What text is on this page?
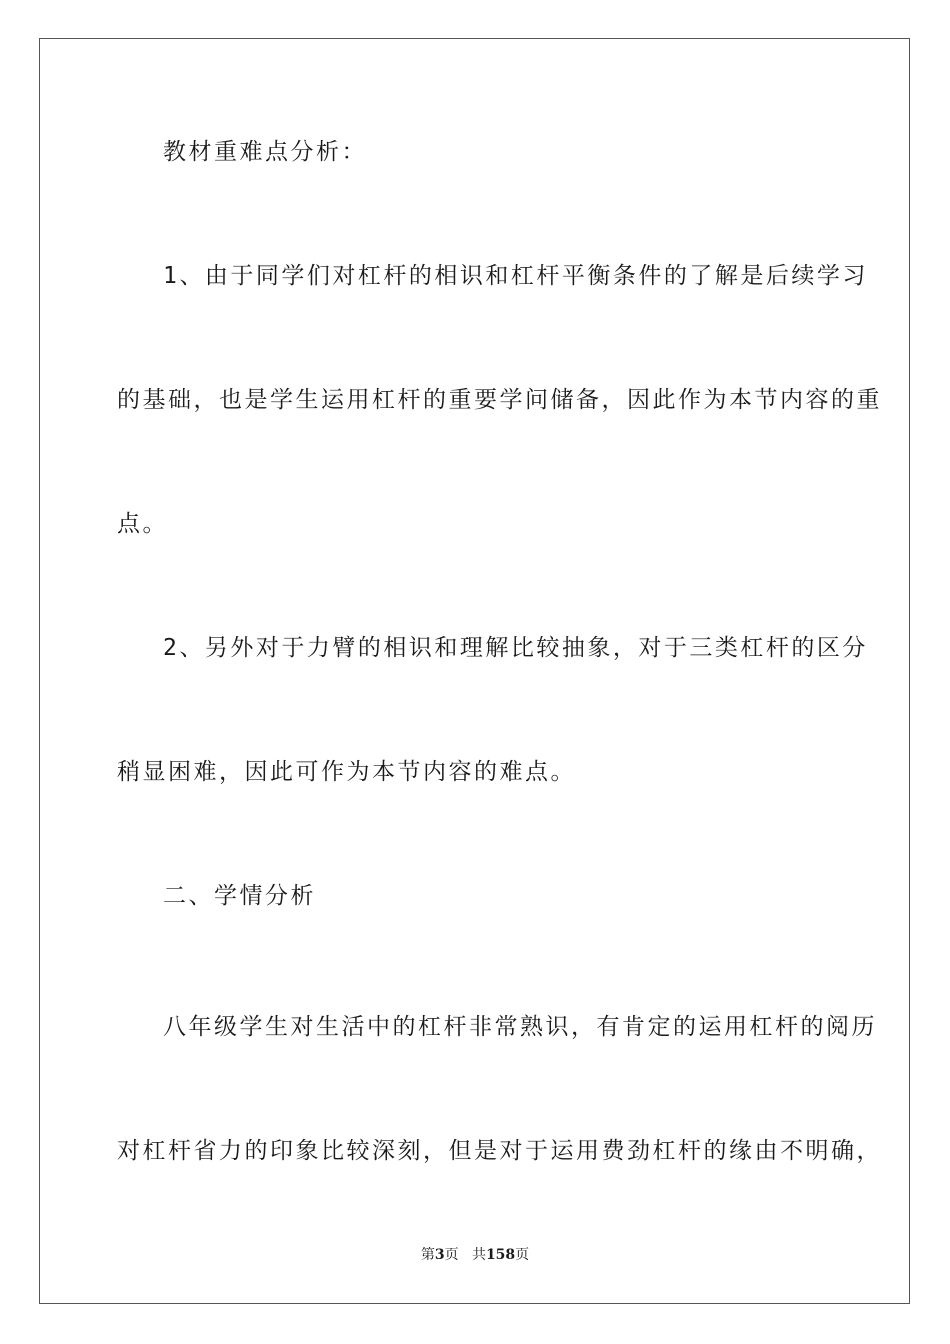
教材重难点分析：
1、由于同学们对杠杆的相识和杠杆平衡条件的了解是后续学习
的基础，也是学生运用杠杆的重要学问储备，因此作为本节内容的重
点。
2、另外对于力臂的相识和理解比较抽象，对于三类杠杆的区分
稍显困难，因此可作为本节内容的难点。
二、学情分析
八年级学生对生活中的杠杆非常熟识，有肯定的运用杠杆的阅历
对杠杆省力的印象比较深刻，但是对于运用费劲杠杆的缘由不明确，
第3页 共158页
